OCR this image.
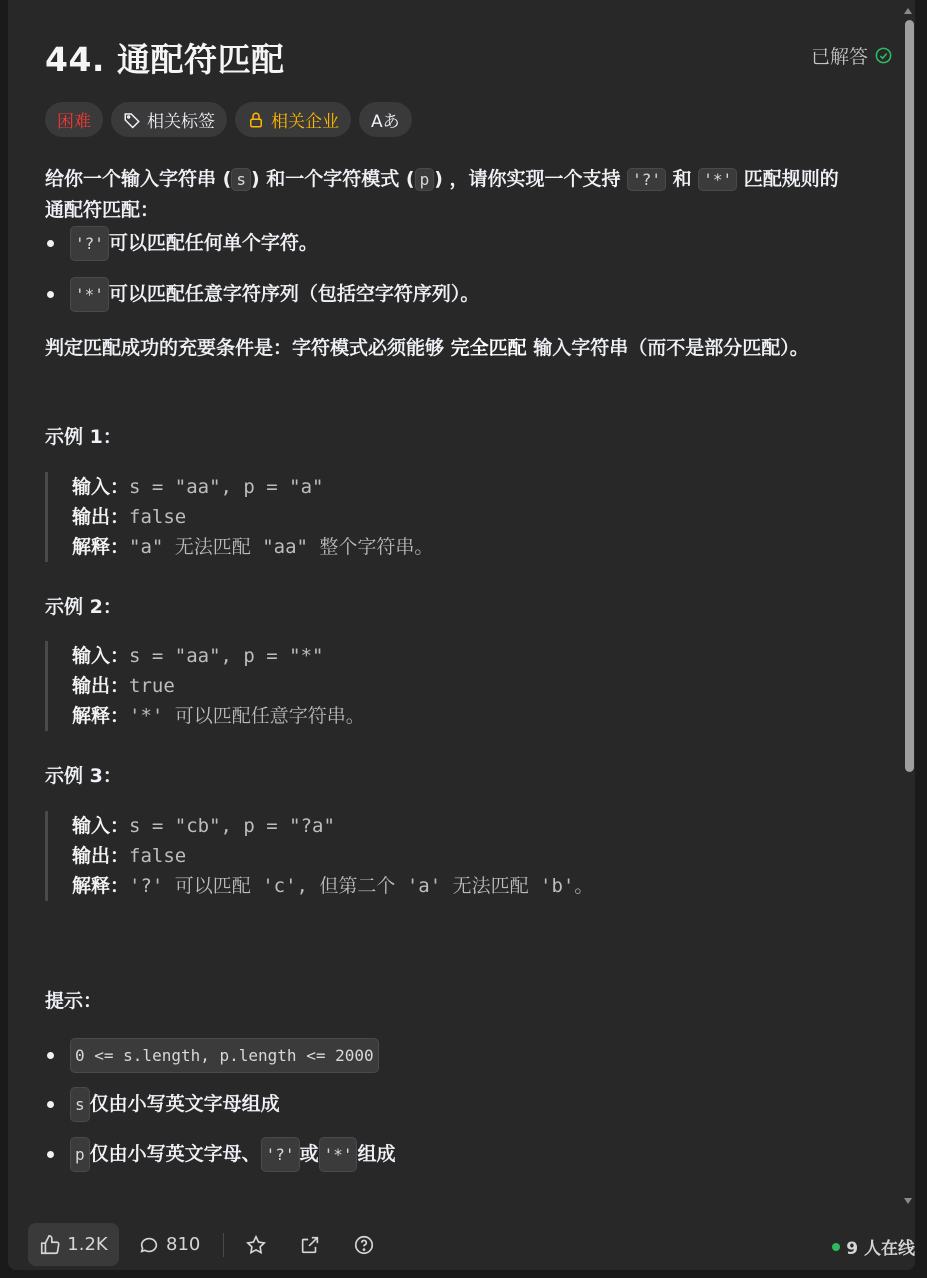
44. 通配符匹配	已解答
困难	相关标签	相关企业 Aあ
给你一个输入字符串 ( s ) 和一个字符模式 ( p ) ，请你实现一个支持 '?' 和 '*' 匹配规则的
通配符匹配：
'?' 可以匹配任何单个字符。
'*' 可以匹配任意字符序列（包括空字符序列）。
判定匹配成功的充要条件是：字符模式必须能够 完全匹配 输入字符串（而不是部分匹配）。
示例 1：
输入：s = "aa", p = "a"
输出：false
解释："a" 无法匹配 "aa" 整个字符串。
示例 2：
输入：s = "aa", p = "*"
输出：true
解释：'*' 可以匹配任意字符串。
示例 3：
输入：s = "cb", p = "?a"
输出：false
解释：'?' 可以匹配 'c', 但第二个 'a' 无法匹配 'b'。
提示：
0 <= s.length, p.length <= 2000
s 仅由小写英文字母组成
p 仅由小写英文字母、 '?' 或 '*' 组成
1.2K	810	9 人在线
